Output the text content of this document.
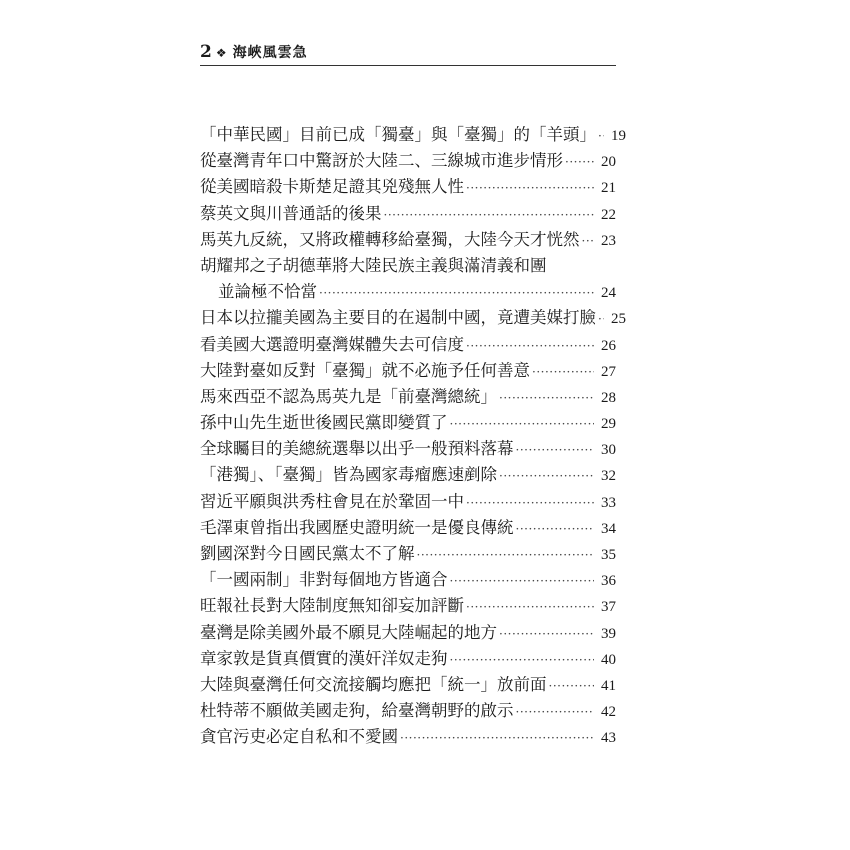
2 ❖ 海峽風雲急
「中華民國」目前已成「獨臺」與「臺獨」的「羊頭」 ·····	19
從臺灣青年口中驚訝於大陸二、三線城市進步情形 ·····	20
從美國暗殺卡斯楚足證其兇殘無人性 ·····	21
蔡英文與川普通話的後果 ·····	22
馬英九反統，又將政權轉移給臺獨，大陸今天才恍然 ·····	23
胡耀邦之子胡德華將大陸民族主義與滿清義和團
並論極不恰當 ·····	24
日本以拉攏美國為主要目的在遏制中國，竟遭美媒打臉 ·····	25
看美國大選證明臺灣媒體失去可信度 ·····	26
大陸對臺如反對「臺獨」就不必施予任何善意 ·····	27
馬來西亞不認為馬英九是「前臺灣總統」 ·····	28
孫中山先生逝世後國民黨即變質了 ·····	29
全球矚目的美總統選舉以出乎一般預料落幕 ·····	30
「港獨」、「臺獨」皆為國家毒瘤應速剷除 ·····	32
習近平願與洪秀柱會見在於鞏固一中 ·····	33
毛澤東曾指出我國歷史證明統一是優良傳統 ·····	34
劉國深對今日國民黨太不了解 ·····	35
「一國兩制」非對每個地方皆適合 ·····	36
旺報社長對大陸制度無知卻妄加評斷 ·····	37
臺灣是除美國外最不願見大陸崛起的地方 ·····	39
章家敦是貨真價實的漢奸洋奴走狗 ·····	40
大陸與臺灣任何交流接觸均應把「統一」放前面 ·····	41
杜特蒂不願做美國走狗，給臺灣朝野的啟示 ·····	42
貪官污吏必定自私和不愛國 ·····	43
